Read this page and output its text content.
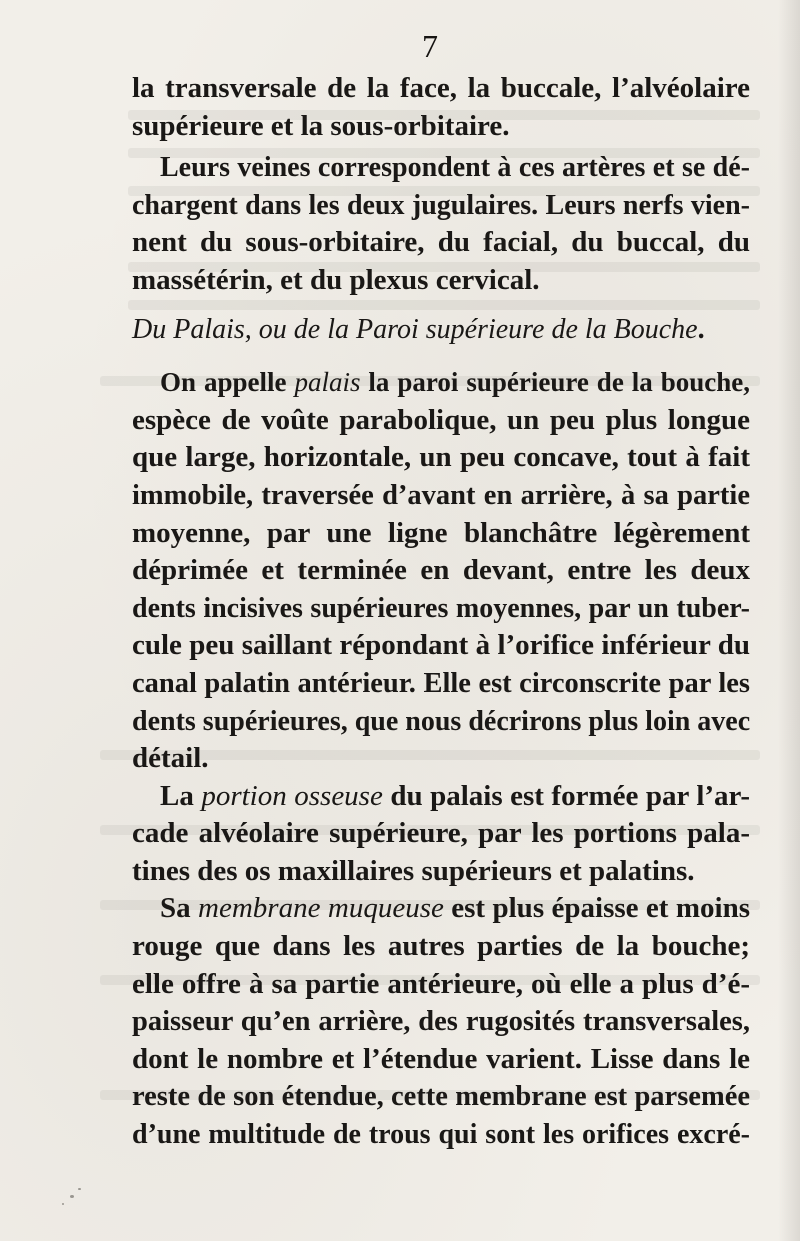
7
la transversale de la face, la buccale, l’alvéolaire
supérieure et la sous-orbitaire.
Leurs veines correspondent à ces artères et se dé-
chargent dans les deux jugulaires. Leurs nerfs vien-
nent du sous-orbitaire, du facial, du buccal, du
massétérin, et du plexus cervical.
Du Palais, ou de la Paroi supérieure de la Bouche.
On appelle palais la paroi supérieure de la bouche,
espèce de voûte parabolique, un peu plus longue
que large, horizontale, un peu concave, tout à fait
immobile, traversée d’avant en arrière, à sa partie
moyenne, par une ligne blanchâtre légèrement
déprimée et terminée en devant, entre les deux
dents incisives supérieures moyennes, par un tuber-
cule peu saillant répondant à l’orifice inférieur du
canal palatin antérieur. Elle est circonscrite par les
dents supérieures, que nous décrirons plus loin avec
détail.
La portion osseuse du palais est formée par l’ar-
cade alvéolaire supérieure, par les portions pala-
tines des os maxillaires supérieurs et palatins.
Sa membrane muqueuse est plus épaisse et moins
rouge que dans les autres parties de la bouche;
elle offre à sa partie antérieure, où elle a plus d’é-
paisseur qu’en arrière, des rugosités transversales,
dont le nombre et l’étendue varient. Lisse dans le
reste de son étendue, cette membrane est parsemée
d’une multitude de trous qui sont les orifices excré-
